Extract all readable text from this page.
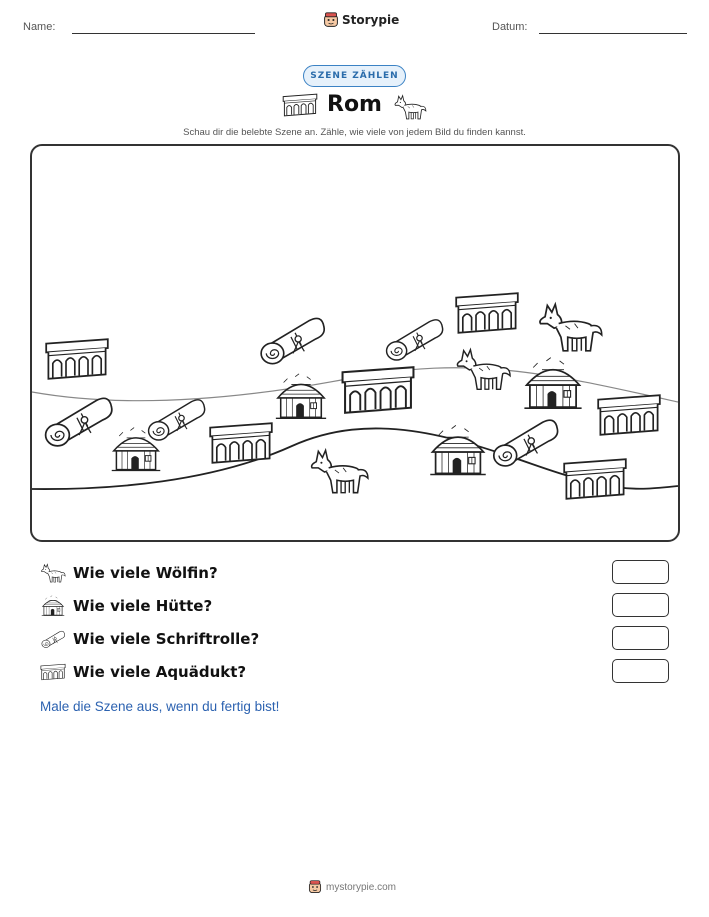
Name:	Storypie	Datum:
SZENE ZÄHLEN
Rom
Schau dir die belebte Szene an. Zähle, wie viele von jedem Bild du finden kannst.
Wie viele Wölfin?
Wie viele Hütte?
Wie viele Schriftrolle?
Wie viele Aquädukt?
Male die Szene aus, wenn du fertig bist!
mystorypie.com
